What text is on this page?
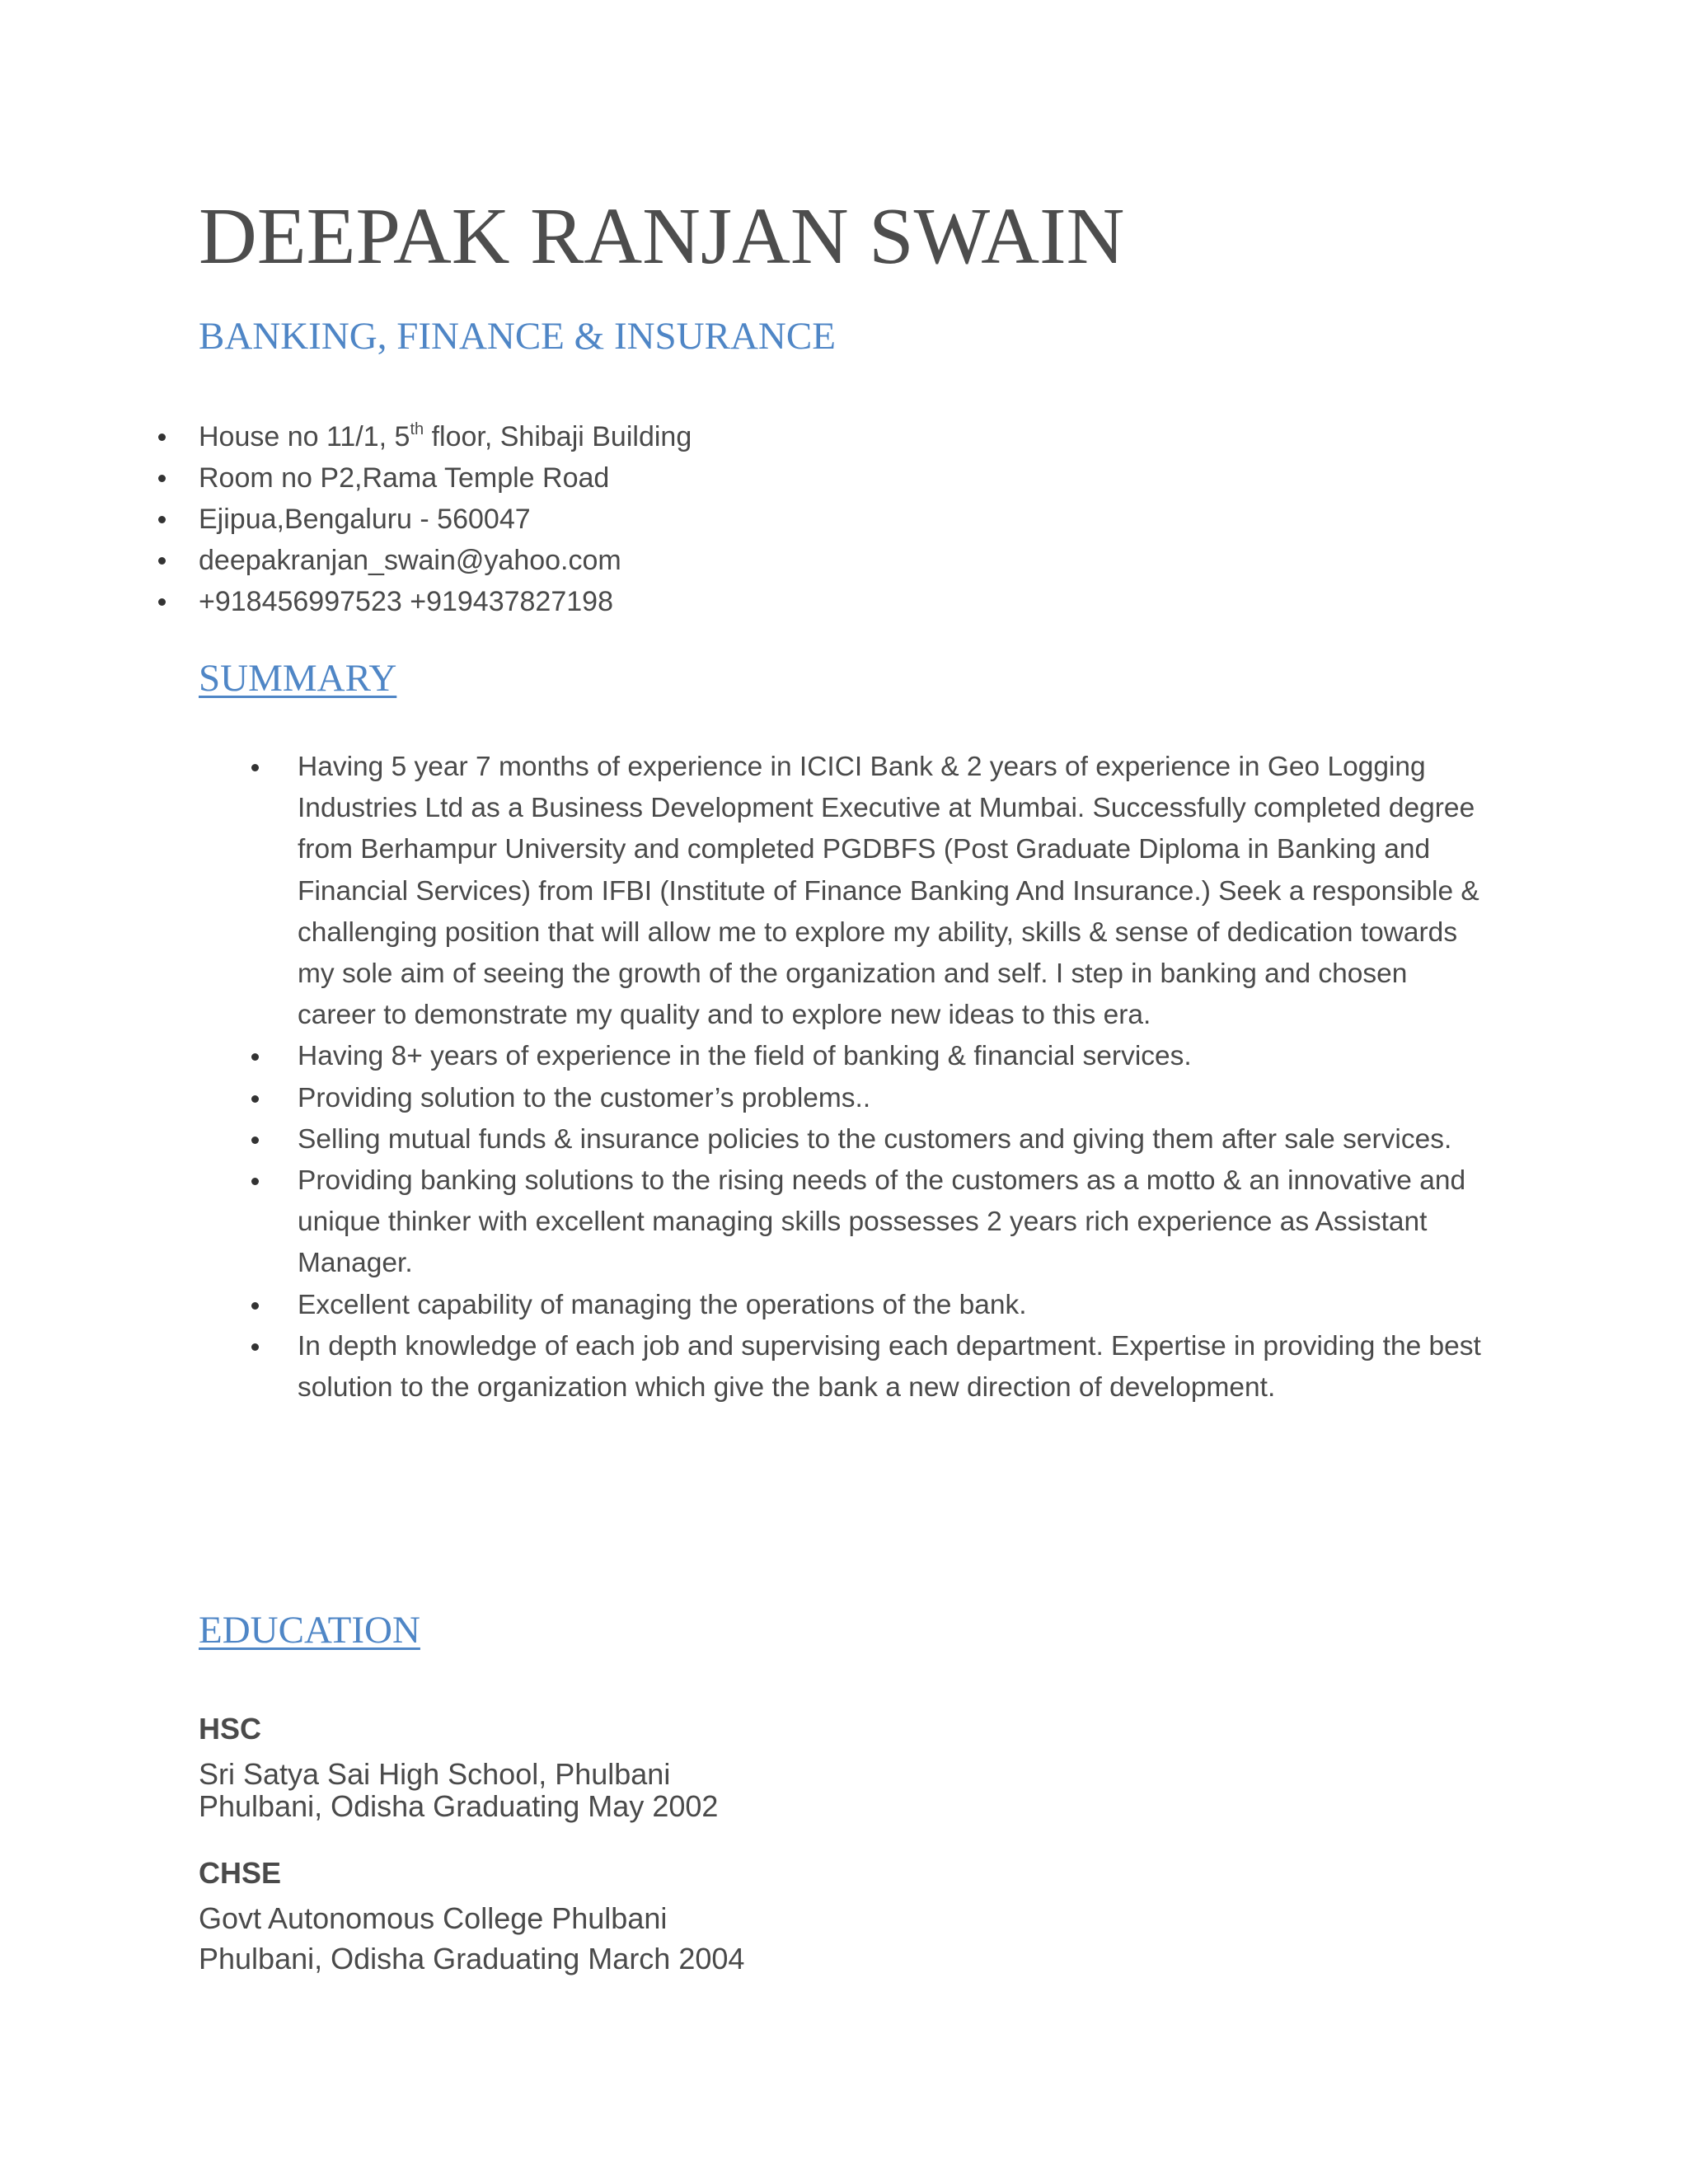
DEEPAK RANJAN SWAIN
BANKING, FINANCE & INSURANCE
House no 11/1, 5th floor, Shibaji Building
Room no P2,Rama Temple Road
Ejipua,Bengaluru - 560047
deepakranjan_swain@yahoo.com
+918456997523 +919437827198
SUMMARY
Having 5 year 7 months of experience in ICICI Bank & 2 years of experience in Geo Logging Industries Ltd as a Business Development Executive at Mumbai. Successfully completed degree from Berhampur University and completed PGDBFS (Post Graduate Diploma in Banking and Financial Services) from IFBI (Institute of Finance Banking And Insurance.) Seek a responsible & challenging position that will allow me to explore my ability, skills & sense of dedication towards my sole aim of seeing the growth of the organization and self. I step in banking and chosen career to demonstrate my quality and to explore new ideas to this era.
Having 8+ years of experience in the field of banking & financial services.
Providing solution to the customer’s problems..
Selling mutual funds & insurance policies to the customers and giving them after sale services.
Providing banking solutions to the rising needs of the customers as a motto & an innovative and unique thinker with excellent managing skills possesses 2 years rich experience as Assistant Manager.
Excellent capability of managing the operations of the bank.
In depth knowledge of each job and supervising each department. Expertise in providing the best solution to the organization which give the bank a new direction of development.
EDUCATION

HSC

Sri Satya Sai High School, Phulbani

Phulbani, Odisha Graduating May 2002

CHSE

Govt Autonomous College Phulbani

Phulbani, Odisha Graduating March 2004
